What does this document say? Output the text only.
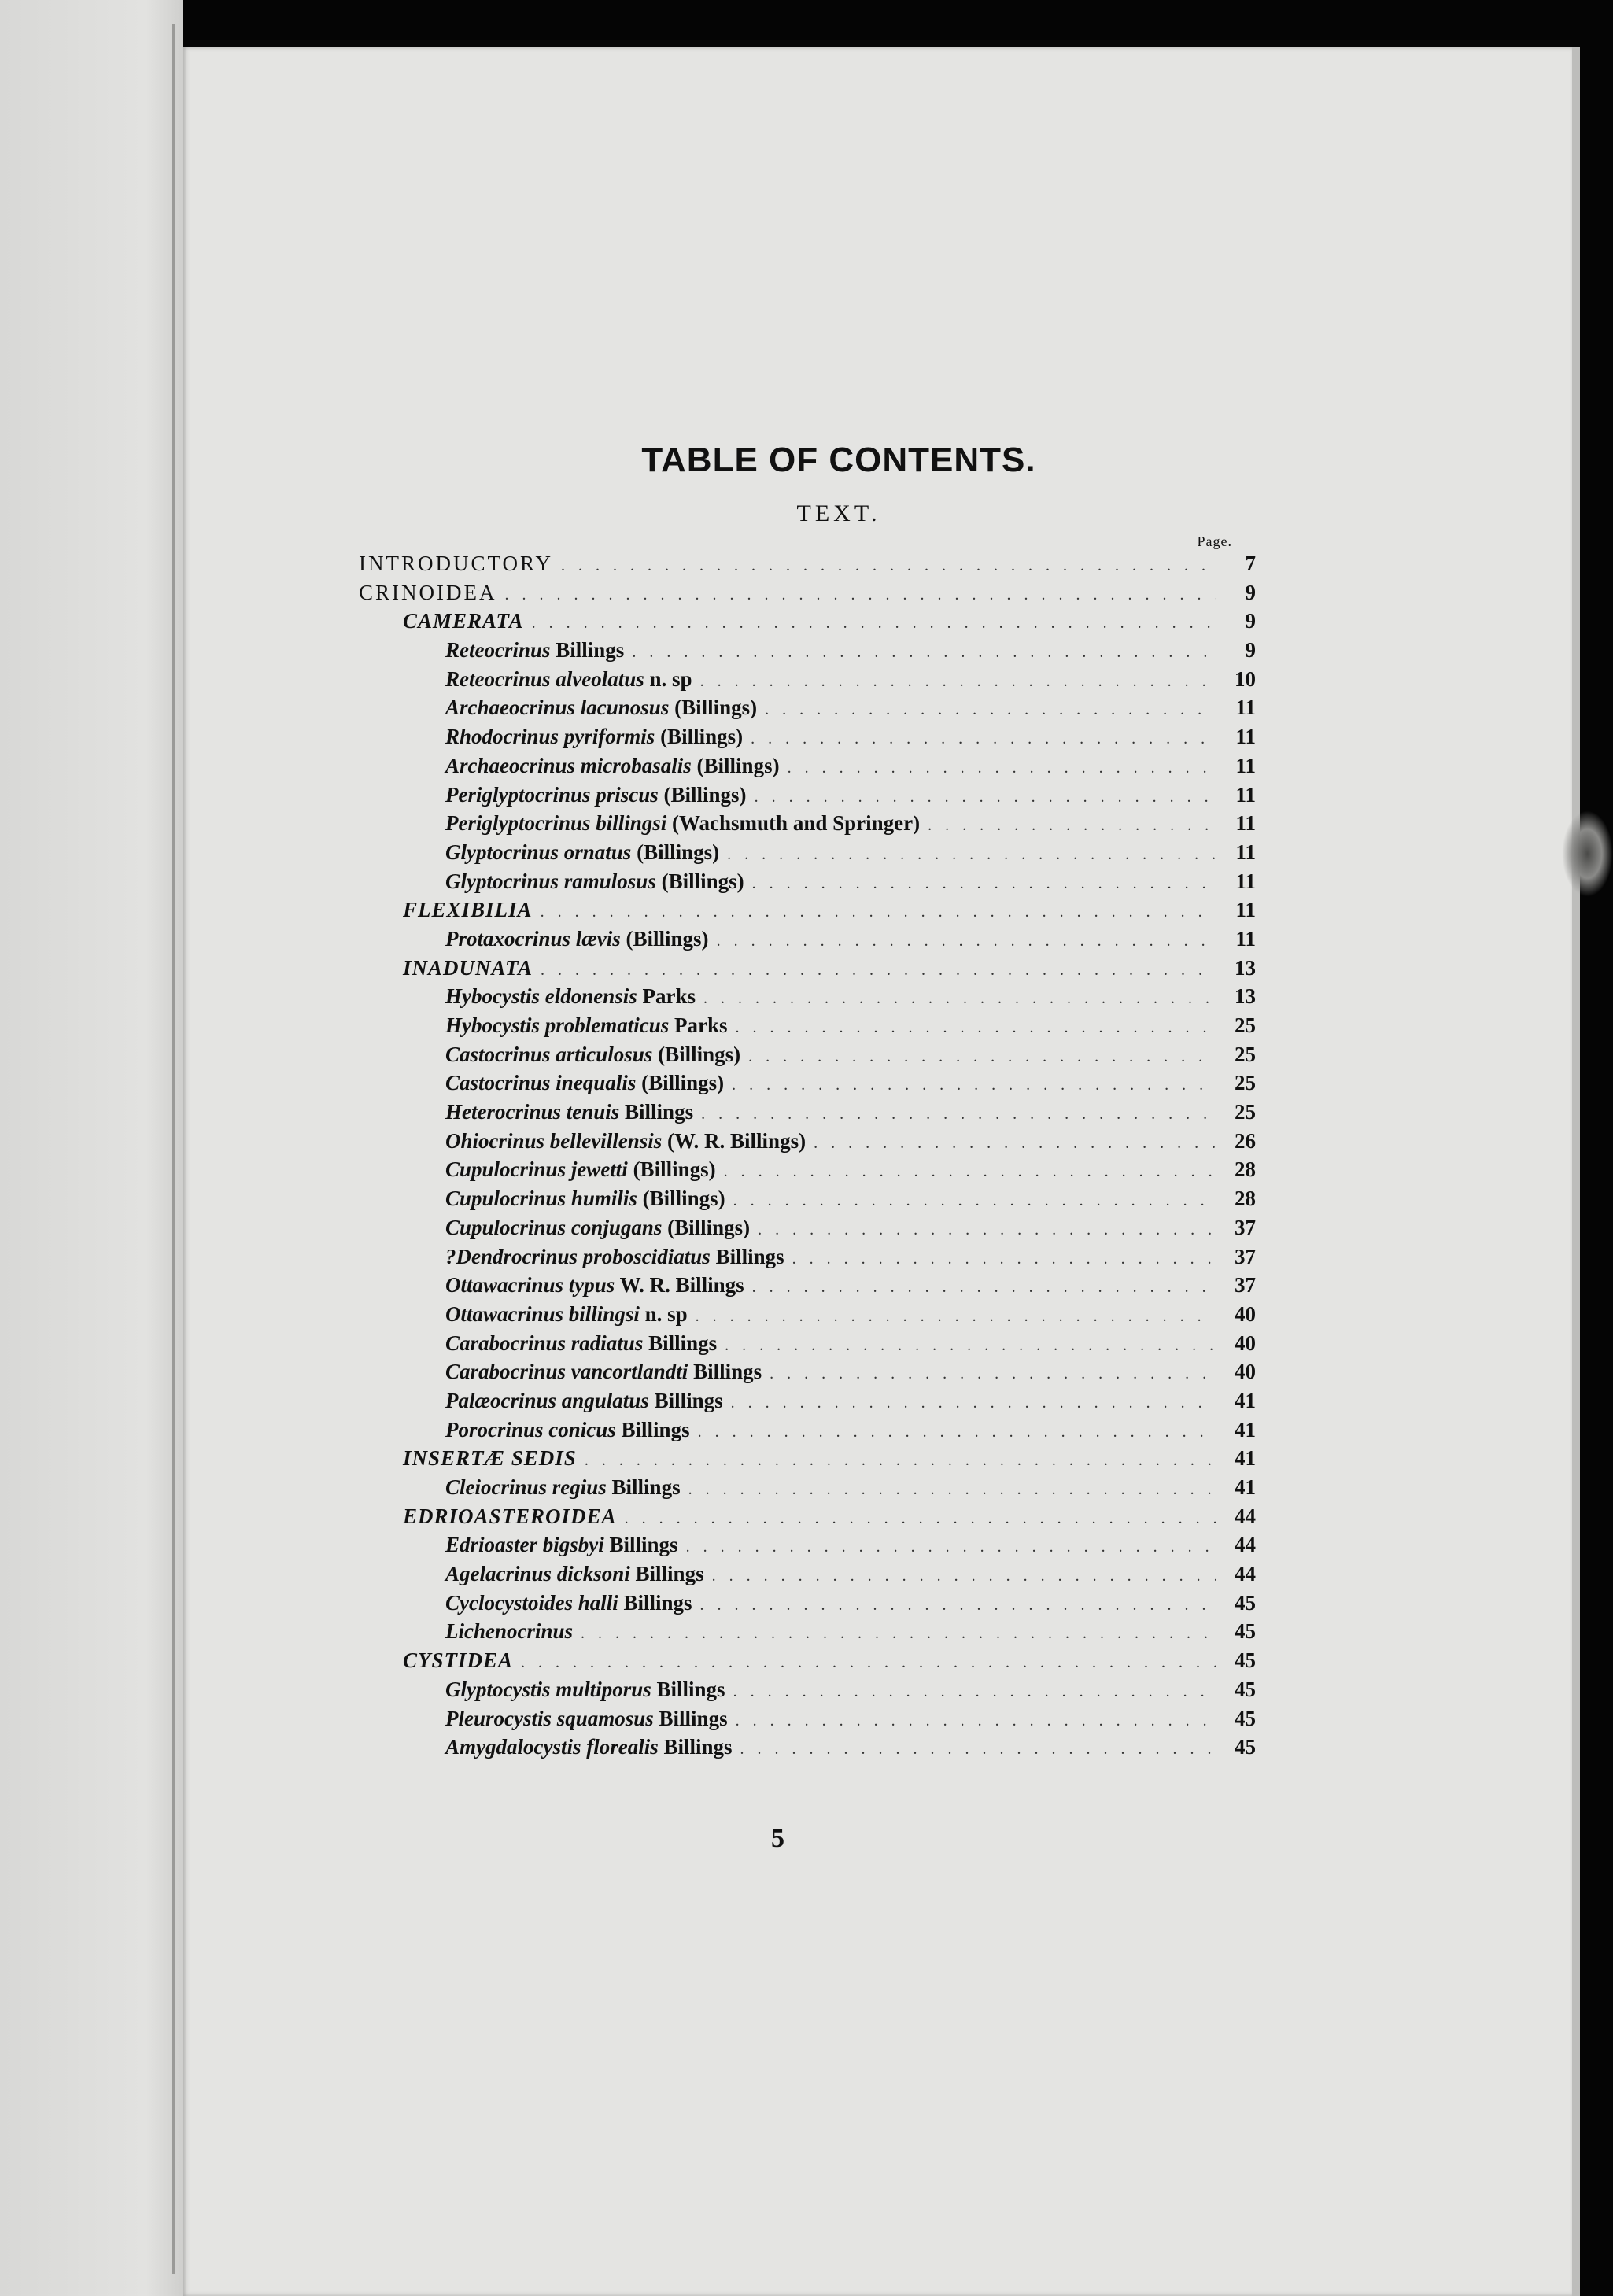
TABLE OF CONTENTS.
TEXT.
Page.
INTRODUCTORY . . .	7
CRINOIDEA . . .	9
CAMERATA . . .	9
Reteocrinus Billings . . .	9
Reteocrinus alveolatus n. sp . . .	10
Archaeocrinus lacunosus (Billings) . . .	11
Rhodocrinus pyriformis (Billings) . . .	11
Archaeocrinus microbasalis (Billings) . . .	11
Periglyptocrinus priscus (Billings) . . .	11
Periglyptocrinus billingsi (Wachsmuth and Springer) . . .	11
Glyptocrinus ornatus (Billings) . . .	11
Glyptocrinus ramulosus (Billings) . . .	11
FLEXIBILIA . . .	11
Protaxocrinus lævis (Billings) . . .	11
INADUNATA . . .	13
Hybocystis eldonensis Parks . . .	13
Hybocystis problematicus Parks . . .	25
Castocrinus articulosus (Billings) . . .	25
Castocrinus inequalis (Billings) . . .	25
Heterocrinus tenuis Billings . . .	25
Ohiocrinus bellevillensis (W. R. Billings) . . .	26
Cupulocrinus jewetti (Billings) . . .	28
Cupulocrinus humilis (Billings) . . .	28
Cupulocrinus conjugans (Billings) . . .	37
?Dendrocrinus proboscidiatus Billings . . .	37
Ottawacrinus typus W. R. Billings . . .	37
Ottawacrinus billingsi n. sp . . .	40
Carabocrinus radiatus Billings . . .	40
Carabocrinus vancortlandti Billings . . .	40
Palæocrinus angulatus Billings . . .	41
Porocrinus conicus Billings . . .	41
INSERTÆ SEDIS . . .	41
Cleiocrinus regius Billings . . .	41
EDRIOASTEROIDEA . . .	44
Edrioaster bigsbyi Billings . . .	44
Agelacrinus dicksoni Billings . . .	44
Cyclocystoides halli Billings . . .	45
Lichenocrinus . . .	45
CYSTIDEA . . .	45
Glyptocystis multiporus Billings . . .	45
Pleurocystis squamosus Billings . . .	45
Amygdalocystis florealis Billings . . .	45
5
